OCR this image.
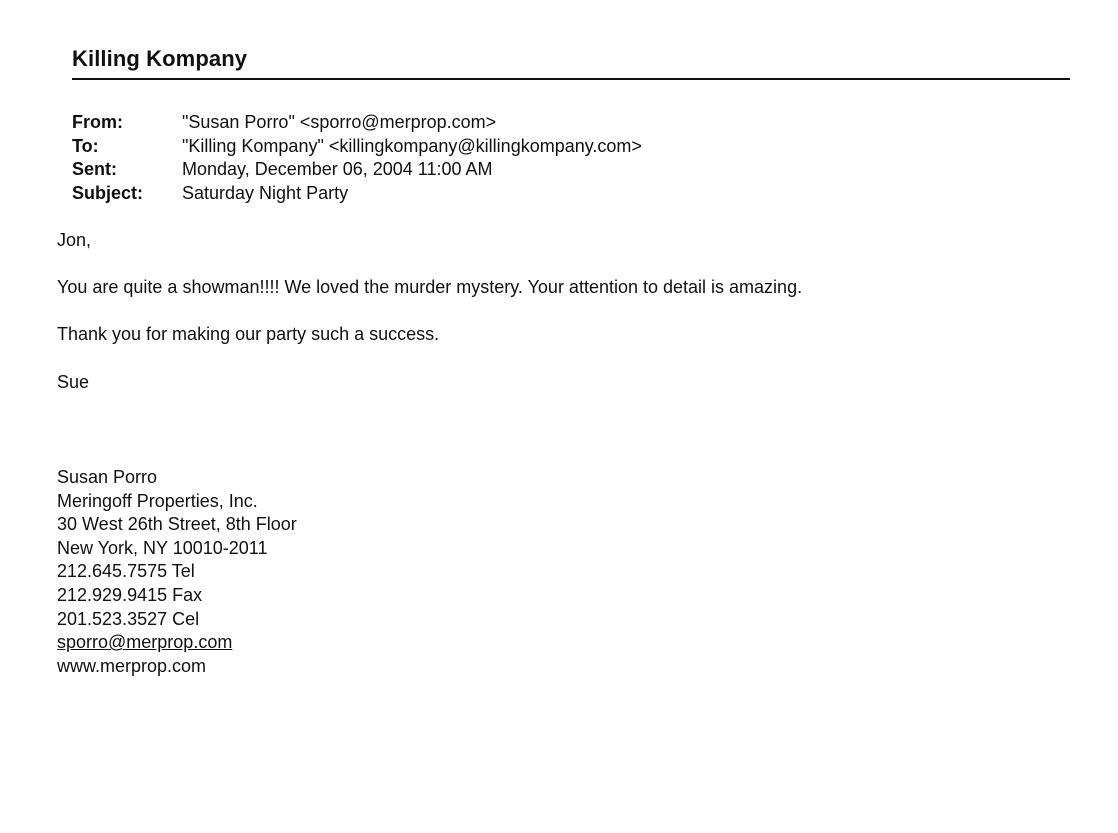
Killing Kompany
From:	"Susan Porro" <sporro@merprop.com>
To:	"Killing Kompany" <killingkompany@killingkompany.com>
Sent:	Monday, December 06, 2004 11:00 AM
Subject:	Saturday Night Party
Jon,
You are quite a showman!!!! We loved the murder mystery. Your attention to detail is amazing.
Thank you for making our party such a success.
Sue
Susan Porro
Meringoff Properties, Inc.
30 West 26th Street, 8th Floor
New York, NY 10010-2011
212.645.7575 Tel
212.929.9415 Fax
201.523.3527 Cel
sporro@merprop.com
www.merprop.com
